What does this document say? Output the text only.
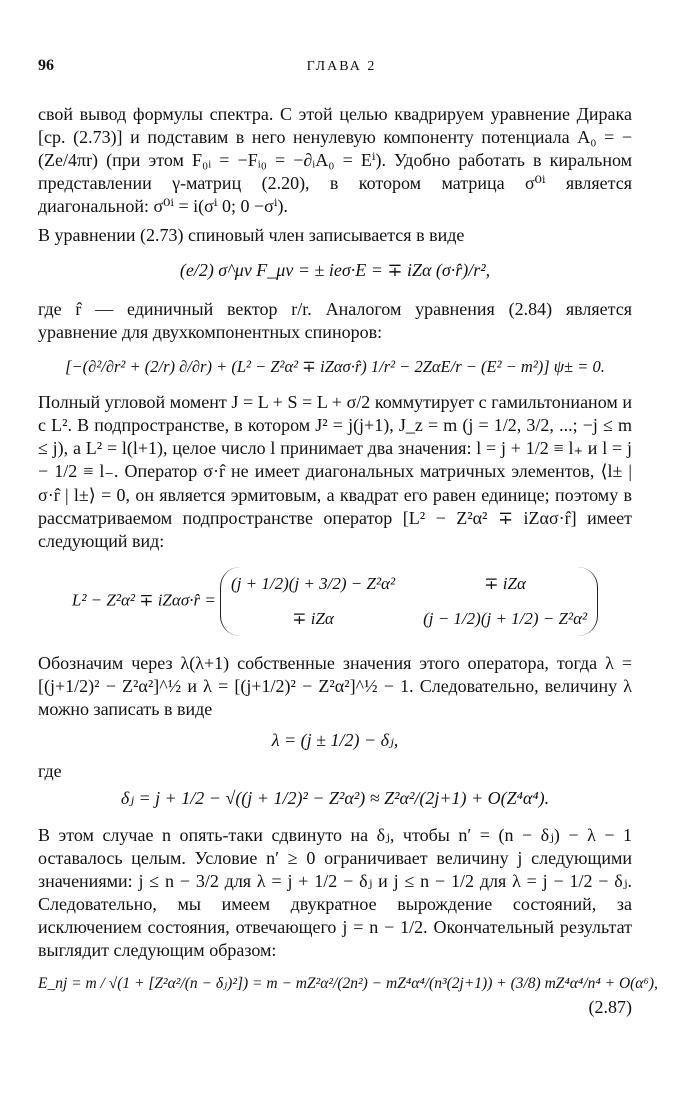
96	ГЛАВА 2

свой вывод формулы спектра. С этой целью квадрируем уравнение Дирака [ср. (2.73)] и подставим в него ненулевую компоненту потенциала A₀ = −(Ze/4πr) (при этом F₀ᵢ = −Fᵢ₀ = −∂ᵢA₀ = Eⁱ). Удобно работать в киральном представлении γ-матриц (2.20), в котором матрица σ⁰ⁱ является диагональной: σ⁰ⁱ = i(σⁱ 0; 0 −σⁱ).

В уравнении (2.73) спиновый член записывается в виде

(e/2) σ^μν F_μν = ± ieσ·E = ∓ iZα (σ·r̂)/r²,

где r̂ — единичный вектор r/r. Аналогом уравнения (2.84) является уравнение для двухкомпонентных спиноров:

[−(∂²/∂r² + (2/r) ∂/∂r) + (L² − Z²α² ∓ iZασ·r̂) 1/r² − 2ZαE/r − (E² − m²)] ψ± = 0.

Полный угловой момент J = L + S = L + σ/2 коммутирует с гамильтонианом и с L². В подпространстве, в котором J² = j(j+1), J_z = m (j = 1/2, 3/2, ...; −j ≤ m ≤ j), а L² = l(l+1), целое число l принимает два значения: l = j + 1/2 ≡ l₊ и l = j − 1/2 ≡ l₋. Оператор σ·r̂ не имеет диагональных матричных элементов, ⟨l± | σ·r̂ | l±⟩ = 0, он является эрмитовым, а квадрат его равен единице; поэтому в рассматриваемом подпространстве оператор [L² − Z²α² ∓ iZασ·r̂] имеет следующий вид:

L² − Z²α² ∓ iZασ·r̂ =
(j + 1/2)(j + 3/2) − Z²α²	∓ iZα
∓ iZα	(j − 1/2)(j + 1/2) − Z²α²

Обозначим через λ(λ+1) собственные значения этого оператора, тогда λ = [(j+1/2)² − Z²α²]^½ и λ = [(j+1/2)² − Z²α²]^½ − 1. Следовательно, величину λ можно записать в виде

λ = (j ± 1/2) − δⱼ,

где

δⱼ = j + 1/2 − √((j + 1/2)² − Z²α²) ≈ Z²α²/(2j+1) + O(Z⁴α⁴).

В этом случае n опять-таки сдвинуто на δⱼ, чтобы n′ = (n − δⱼ) − λ − 1 оставалось целым. Условие n′ ≥ 0 ограничивает величину j следующими значениями: j ≤ n − 3/2 для λ = j + 1/2 − δⱼ и j ≤ n − 1/2 для λ = j − 1/2 − δⱼ. Следовательно, мы имеем двукратное вырождение состояний, за исключением состояния, отвечающего j = n − 1/2. Окончательный результат выглядит следующим образом:

E_nj = m / √(1 + [Z²α²/(n − δⱼ)²]) = m − mZ²α²/(2n²) − mZ⁴α⁴/(n³(2j+1)) + (3/8) mZ⁴α⁴/n⁴ + O(α⁶),
(2.87)
